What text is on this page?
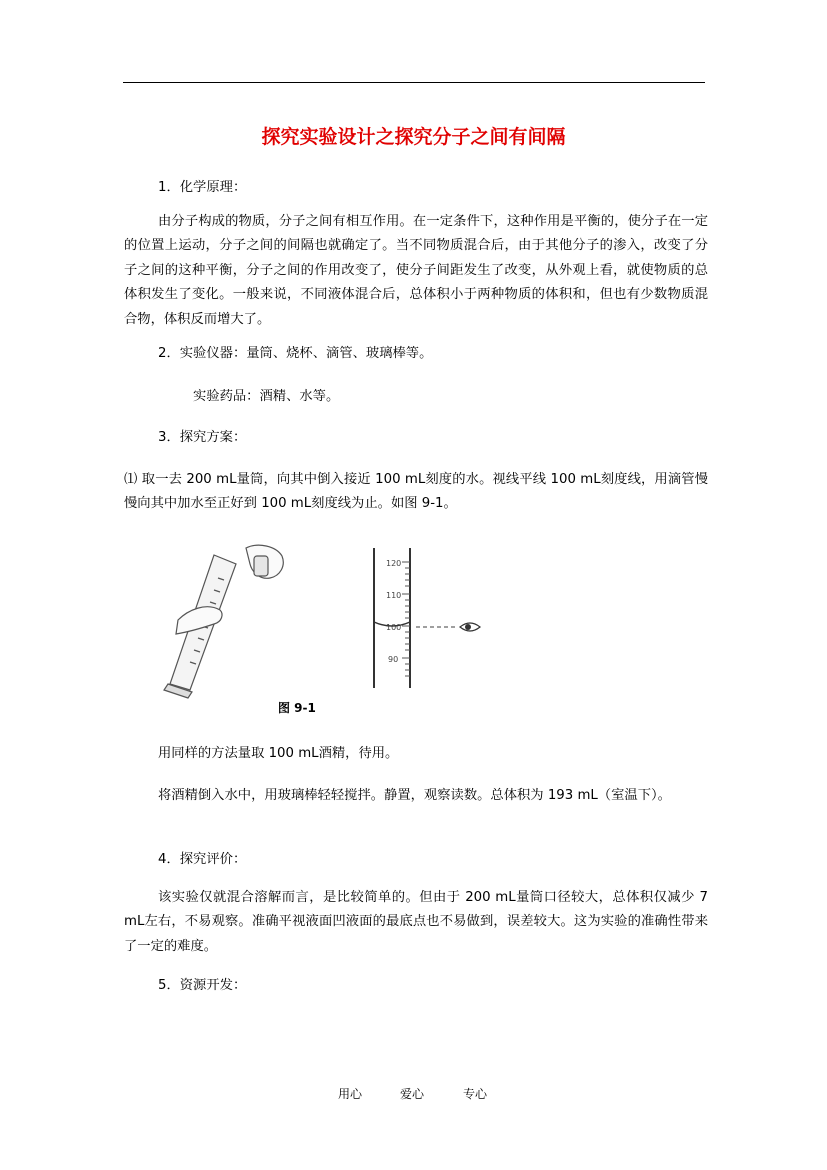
探究实验设计之探究分子之间有间隔

1．化学原理：

由分子构成的物质，分子之间有相互作用。在一定条件下，这种作用是平衡的，使分子在一定的位置上运动，分子之间的间隔也就确定了。当不同物质混合后，由于其他分子的渗入，改变了分子之间的这种平衡，分子之间的作用改变了，使分子间距发生了改变，从外观上看，就使物质的总体积发生了变化。一般来说，不同液体混合后，总体积小于两种物质的体积和，但也有少数物质混合物，体积反而增大了。

2．实验仪器：量筒、烧杯、滴管、玻璃棒等。

实验药品：酒精、水等。

3．探究方案：

⑴ 取一去 200 mL量筒，向其中倒入接近 100 mL刻度的水。视线平线 100 mL刻度线，用滴管慢慢向其中加水至正好到 100 mL刻度线为止。如图 9-1。

120
110
100
90
图 9-1

用同样的方法量取 100 mL酒精，待用。

将酒精倒入水中，用玻璃棒轻轻搅拌。静置，观察读数。总体积为 193 mL（室温下）。

4．探究评价：

该实验仅就混合溶解而言，是比较简单的。但由于 200 mL量筒口径较大，总体积仅减少 7 mL左右，不易观察。准确平视液面凹液面的最底点也不易做到，误差较大。这为实验的准确性带来了一定的难度。

5．资源开发：

用心	爱心	专心
